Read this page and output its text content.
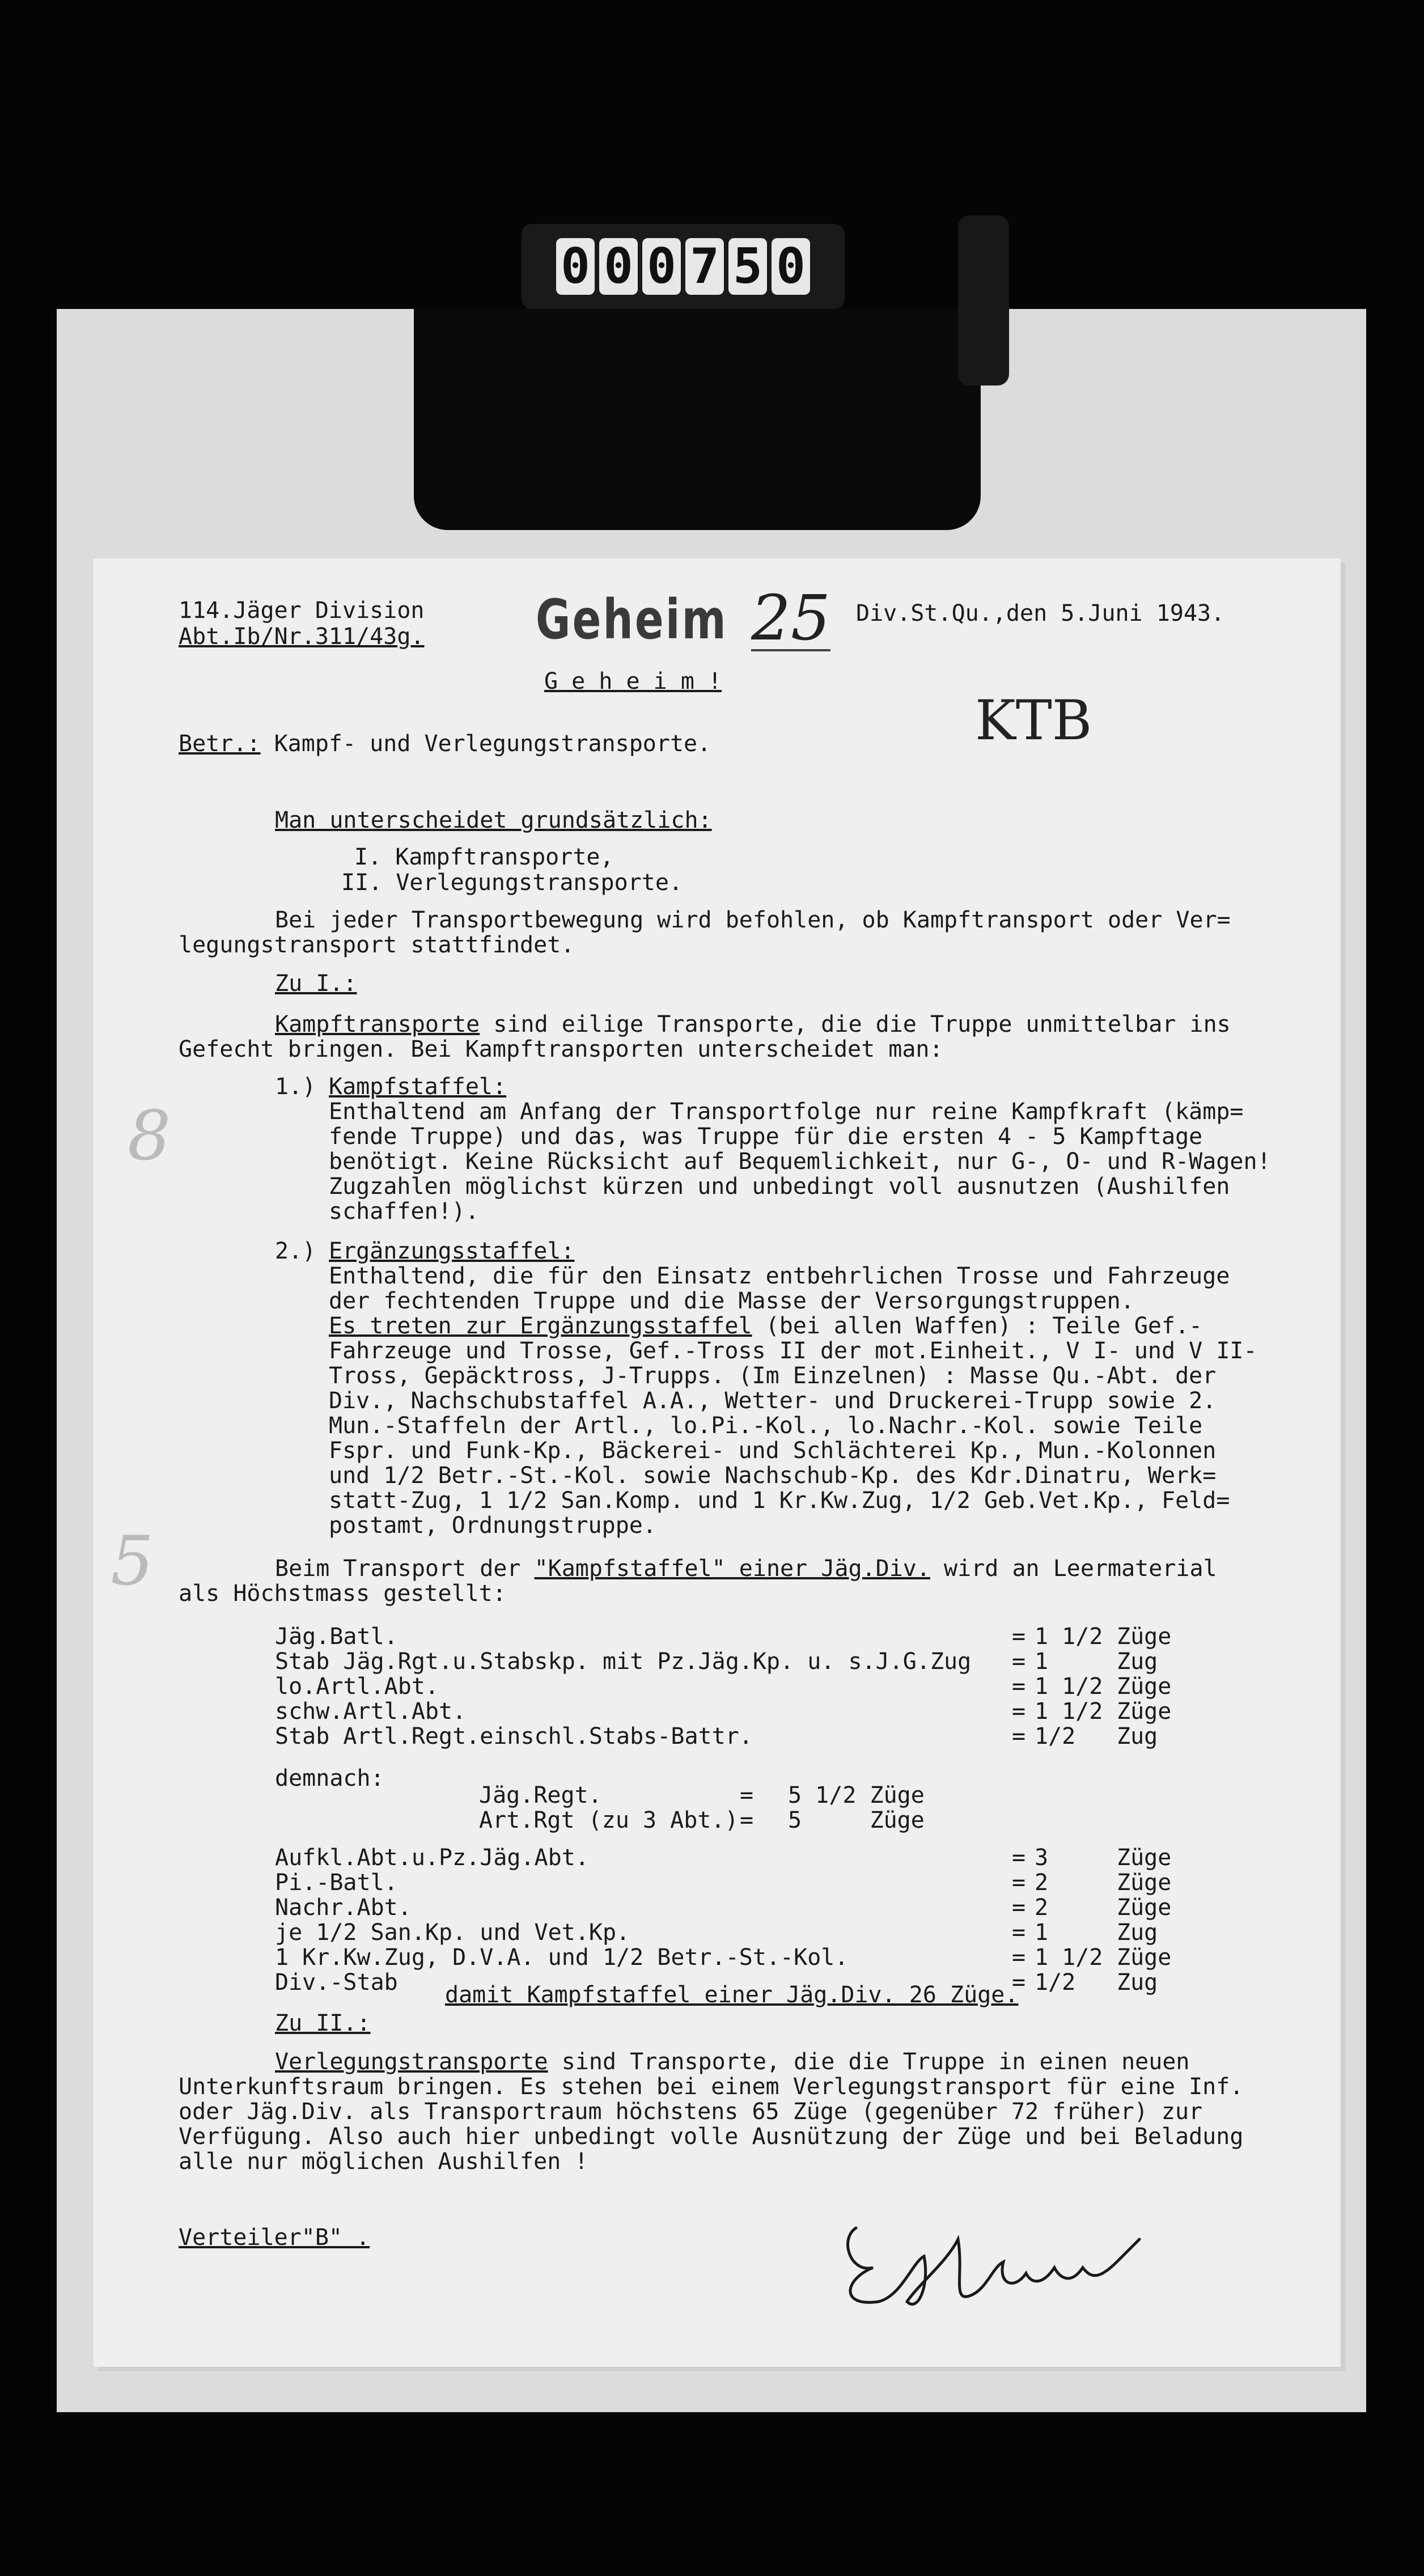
0 0 0 7 5 0
114.Jäger Division
Abt.Ib/Nr.311/43g. Geheim 25 Div.St.Qu.,den 5.Juni 1943.
G e h e i m !
KTB
Betr.: Kampf- und Verlegungstransporte.
Man unterscheidet grundsätzlich:
I. Kampftransporte,
II. Verlegungstransporte.
Bei jeder Transportbewegung wird befohlen, ob Kampftransport oder Ver=
legungstransport stattfindet.
Zu I.:
Kampftransporte sind eilige Transporte, die die Truppe unmittelbar ins
Gefecht bringen. Bei Kampftransporten unterscheidet man:
1.) Kampfstaffel:
Enthaltend am Anfang der Transportfolge nur reine Kampfkraft (kämp=
fende Truppe) und das, was Truppe für die ersten 4 - 5 Kampftage
benötigt. Keine Rücksicht auf Bequemlichkeit, nur G-, O- und R-Wagen!
Zugzahlen möglichst kürzen und unbedingt voll ausnutzen (Aushilfen
schaffen!).
2.) Ergänzungsstaffel:
Enthaltend, die für den Einsatz entbehrlichen Trosse und Fahrzeuge
der fechtenden Truppe und die Masse der Versorgungstruppen.
Es treten zur Ergänzungsstaffel (bei allen Waffen) : Teile Gef.-
Fahrzeuge und Trosse, Gef.-Tross II der mot.Einheit., V I- und V II-
Tross, Gepäcktross, J-Trupps. (Im Einzelnen) : Masse Qu.-Abt. der
Div., Nachschubstaffel A.A., Wetter- und Druckerei-Trupp sowie 2.
Mun.-Staffeln der Artl., lo.Pi.-Kol., lo.Nachr.-Kol. sowie Teile
Fspr. und Funk-Kp., Bäckerei- und Schlächterei Kp., Mun.-Kolonnen
und 1/2 Betr.-St.-Kol. sowie Nachschub-Kp. des Kdr.Dinatru, Werk=
statt-Zug, 1 1/2 San.Komp. und 1 Kr.Kw.Zug, 1/2 Geb.Vet.Kp., Feld=
postamt, Ordnungstruppe.
Beim Transport der "Kampfstaffel" einer Jäg.Div. wird an Leermaterial
als Höchstmass gestellt:
Jäg.Batl.	= 1 1/2 Züge
Stab Jäg.Rgt.u.Stabskp. mit Pz.Jäg.Kp. u. s.J.G.Zug = 1	Zug
lo.Artl.Abt.	= 1 1/2 Züge
schw.Artl.Abt.	= 1 1/2 Züge
Stab Artl.Regt.einschl.Stabs-Battr.	= 1/2 Zug
demnach:
Jäg.Regt.	= 5 1/2 Züge
Art.Rgt (zu 3 Abt.) = 5     Züge
Aufkl.Abt.u.Pz.Jäg.Abt.	= 3	Züge
Pi.-Batl.	= 2	Züge
Nachr.Abt.	= 2	Züge
je 1/2 San.Kp. und Vet.Kp.	= 1	Zug
1 Kr.Kw.Zug, D.V.A. und 1/2 Betr.-St.-Kol.	= 1 1/2 Züge
Div.-Stab	= 1/2 Zug
damit Kampfstaffel einer Jäg.Div. 26 Züge.
Zu II.:
Verlegungstransporte sind Transporte, die die Truppe in einen neuen
Unterkunftsraum bringen. Es stehen bei einem Verlegungstransport für eine Inf.
oder Jäg.Div. als Transportraum höchstens 65 Züge (gegenüber 72 früher) zur
Verfügung. Also auch hier unbedingt volle Ausnützung der Züge und bei Beladung
alle nur möglichen Aushilfen !
Verteiler"B" .
8
5
